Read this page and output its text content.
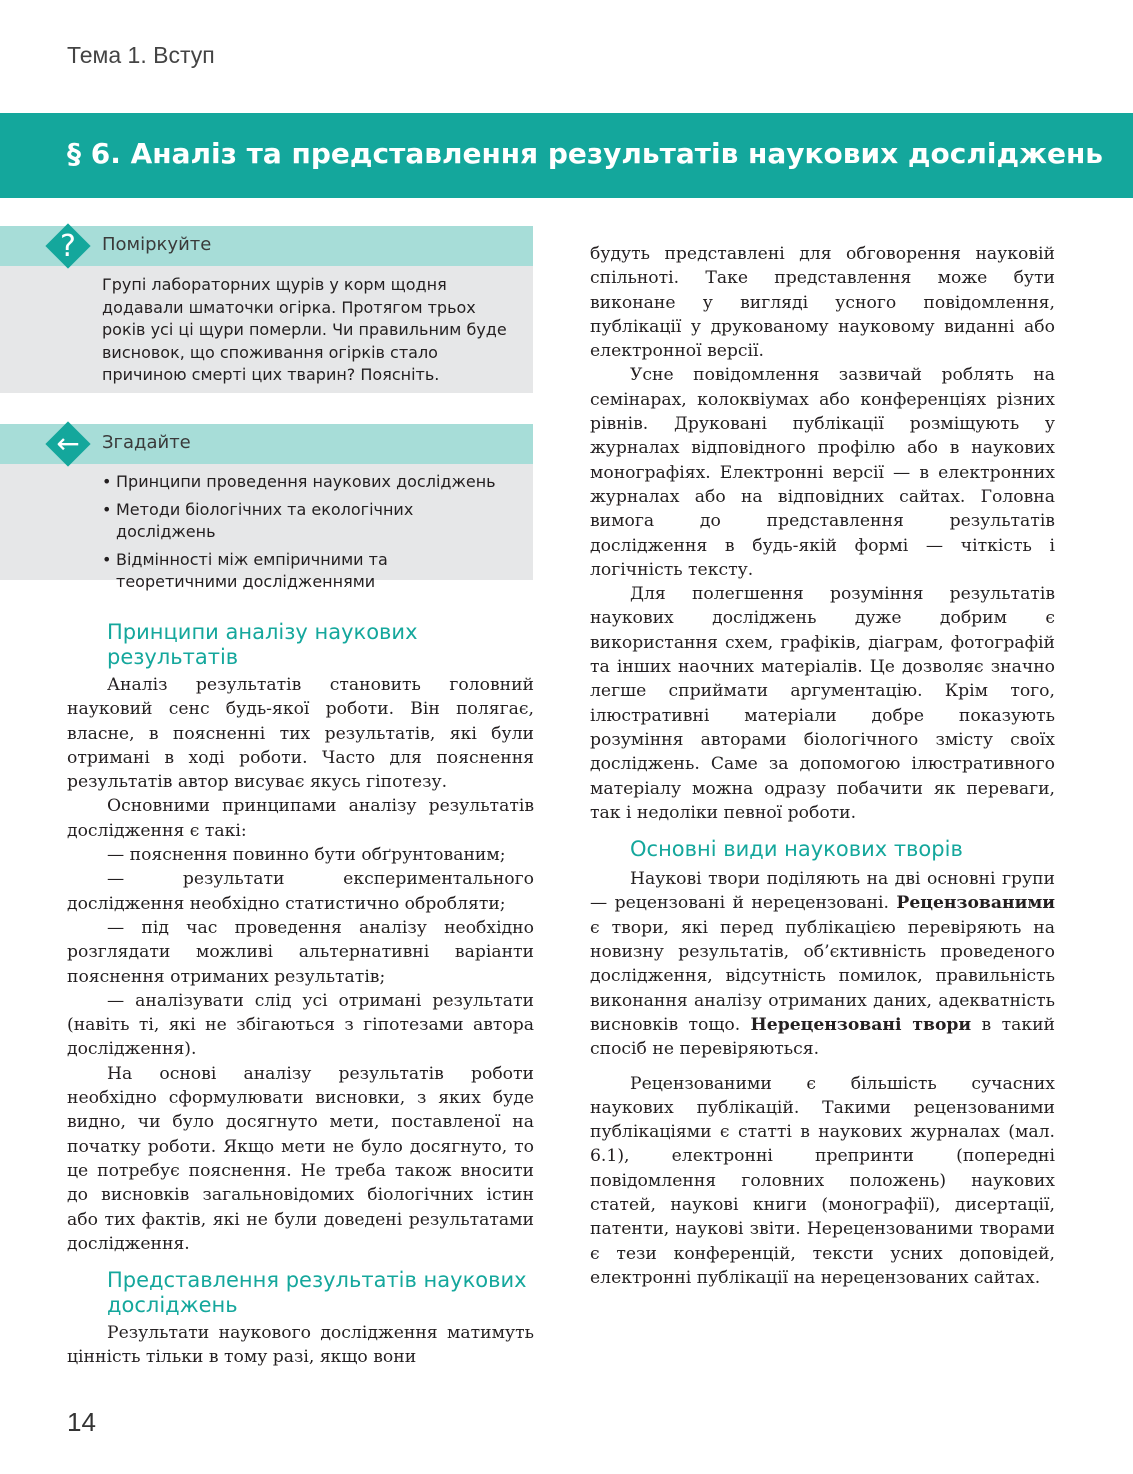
Тема 1. Вступ
§ 6. Аналіз та представлення результатів наукових досліджень
? Поміркуйте
Групі лабораторних щурів у корм щодня додавали шматочки огірка. Протягом трьох років усі ці щури померли. Чи правильним буде висновок, що споживання огірків стало причиною смерті цих тварин? Поясніть.
← Згадайте
• Принципи проведення наукових досліджень
• Методи біологічних та екологічних досліджень
• Відмінності між емпіричними та теоретичними дослідженнями
Принципи аналізу наукових результатів

Аналіз результатів становить головний науковий сенс будь-якої роботи. Він полягає, власне, в поясненні тих результатів, які були отримані в ході роботи. Часто для пояснення результатів автор висуває якусь гіпотезу.

Основними принципами аналізу результатів дослідження є такі:

— пояснення повинно бути обґрунтованим;

— результати експериментального дослідження необхідно статистично обробляти;

— під час проведення аналізу необхідно розглядати можливі альтернативні варіанти пояснення отриманих результатів;

— аналізувати слід усі отримані результати (навіть ті, які не збігаються з гіпотезами автора дослідження).

На основі аналізу результатів роботи необхідно сформулювати висновки, з яких буде видно, чи було досягнуто мети, поставленої на початку роботи. Якщо мети не було досягнуто, то це потребує пояснення. Не треба також вносити до висновків загальновідомих біологічних істин або тих фактів, які не були доведені результатами дослідження.

Представлення результатів наукових досліджень

Результати наукового дослідження матимуть цінність тільки в тому разі, якщо вони

будуть представлені для обговорення науковій спільноті. Таке представлення може бути виконане у вигляді усного повідомлення, публікації у друкованому науковому виданні або електронної версії.

Усне повідомлення зазвичай роблять на семінарах, колоквіумах або конференціях різних рівнів. Друковані публікації розміщують у журналах відповідного профілю або в наукових монографіях. Електронні версії — в електронних журналах або на відповідних сайтах. Головна вимога до представлення результатів дослідження в будь-якій формі — чіткість і логічність тексту.

Для полегшення розуміння результатів наукових досліджень дуже добрим є використання схем, графіків, діаграм, фотографій та інших наочних матеріалів. Це дозволяє значно легше сприймати аргументацію. Крім того, ілюстративні матеріали добре показують розуміння авторами біологічного змісту своїх досліджень. Саме за допомогою ілюстративного матеріалу можна одразу побачити як переваги, так і недоліки певної роботи.

Основні види наукових творів

Наукові твори поділяють на дві основні групи — рецензовані й нерецензовані. Рецензованими є твори, які перед публікацією перевіряють на новизну результатів, об’єктивність проведеного дослідження, відсутність помилок, правильність виконання аналізу отриманих даних, адекватність висновків тощо. Нерецензовані твори в такий спосіб не перевіряються.

Рецензованими є більшість сучасних наукових публікацій. Такими рецензованими публікаціями є статті в наукових журналах (мал. 6.1), електронні препринти (попередні повідомлення головних положень) наукових статей, наукові книги (монографії), дисертації, патенти, наукові звіти. Нерецензованими творами є тези конференцій, тексти усних доповідей, електронні публікації на нерецензованих сайтах.

14
